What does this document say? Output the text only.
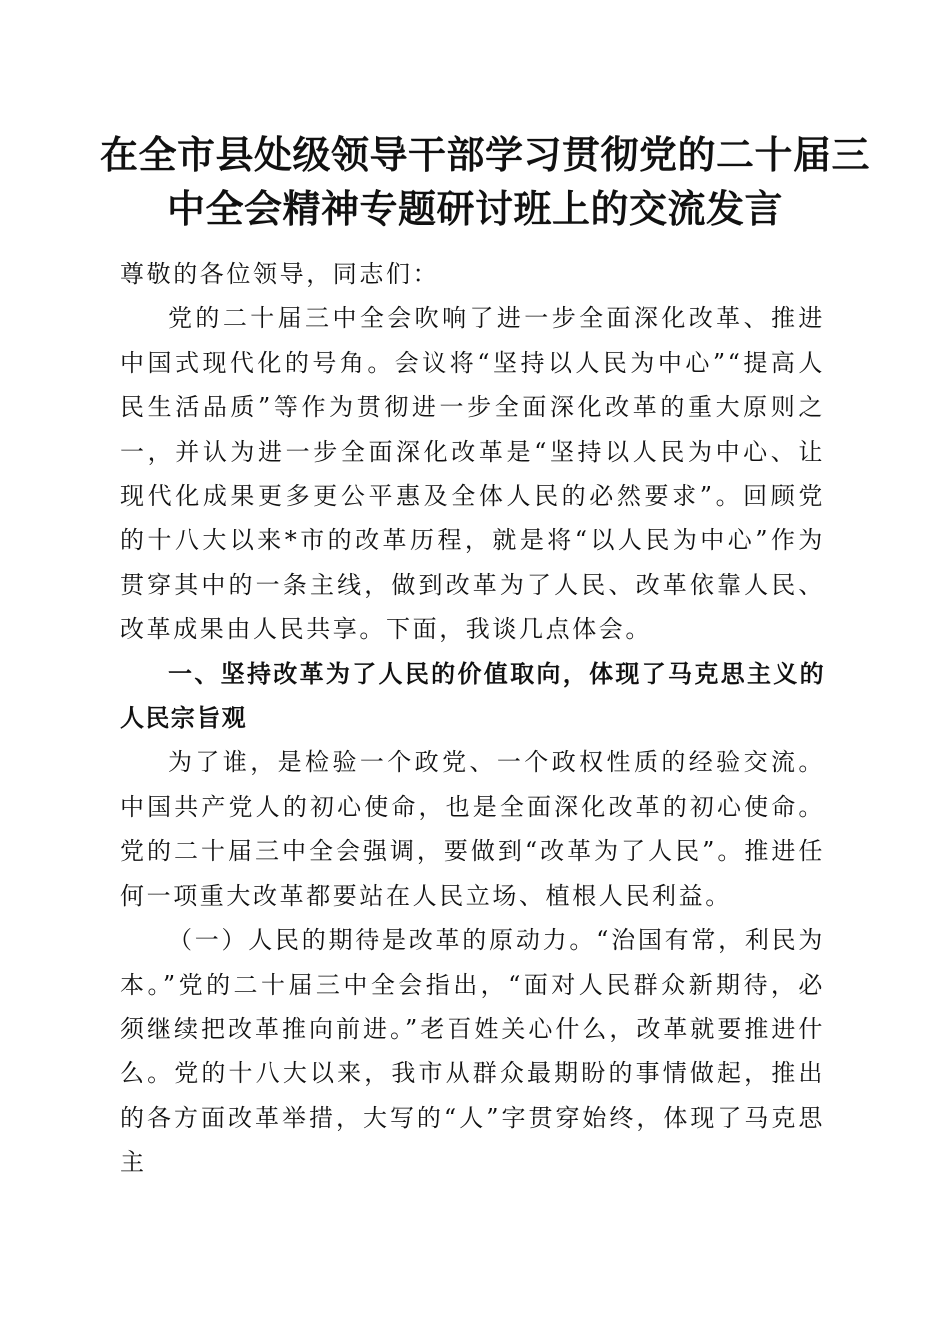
在全市县处级领导干部学习贯彻党的二十届三
中全会精神专题研讨班上的交流发言

尊敬的各位领导，同志们：

党的二十届三中全会吹响了进一步全面深化改革、推进中国式现代化的号角。会议将“坚持以人民为中心”“提高人民生活品质”等作为贯彻进一步全面深化改革的重大原则之一，并认为进一步全面深化改革是“坚持以人民为中心、让现代化成果更多更公平惠及全体人民的必然要求”。回顾党的十八大以来*市的改革历程，就是将“以人民为中心”作为贯穿其中的一条主线，做到改革为了人民、改革依靠人民、改革成果由人民共享。下面，我谈几点体会。

一、坚持改革为了人民的价值取向，体现了马克思主义的人民宗旨观

为了谁，是检验一个政党、一个政权性质的经验交流。中国共产党人的初心使命，也是全面深化改革的初心使命。党的二十届三中全会强调，要做到“改革为了人民”。推进任何一项重大改革都要站在人民立场、植根人民利益。

（一）人民的期待是改革的原动力。“治国有常，利民为本。”党的二十届三中全会指出，“面对人民群众新期待，必须继续把改革推向前进。”老百姓关心什么，改革就要推进什么。党的十八大以来，我市从群众最期盼的事情做起，推出的各方面改革举措，大写的“人”字贯穿始终，体现了马克思主
